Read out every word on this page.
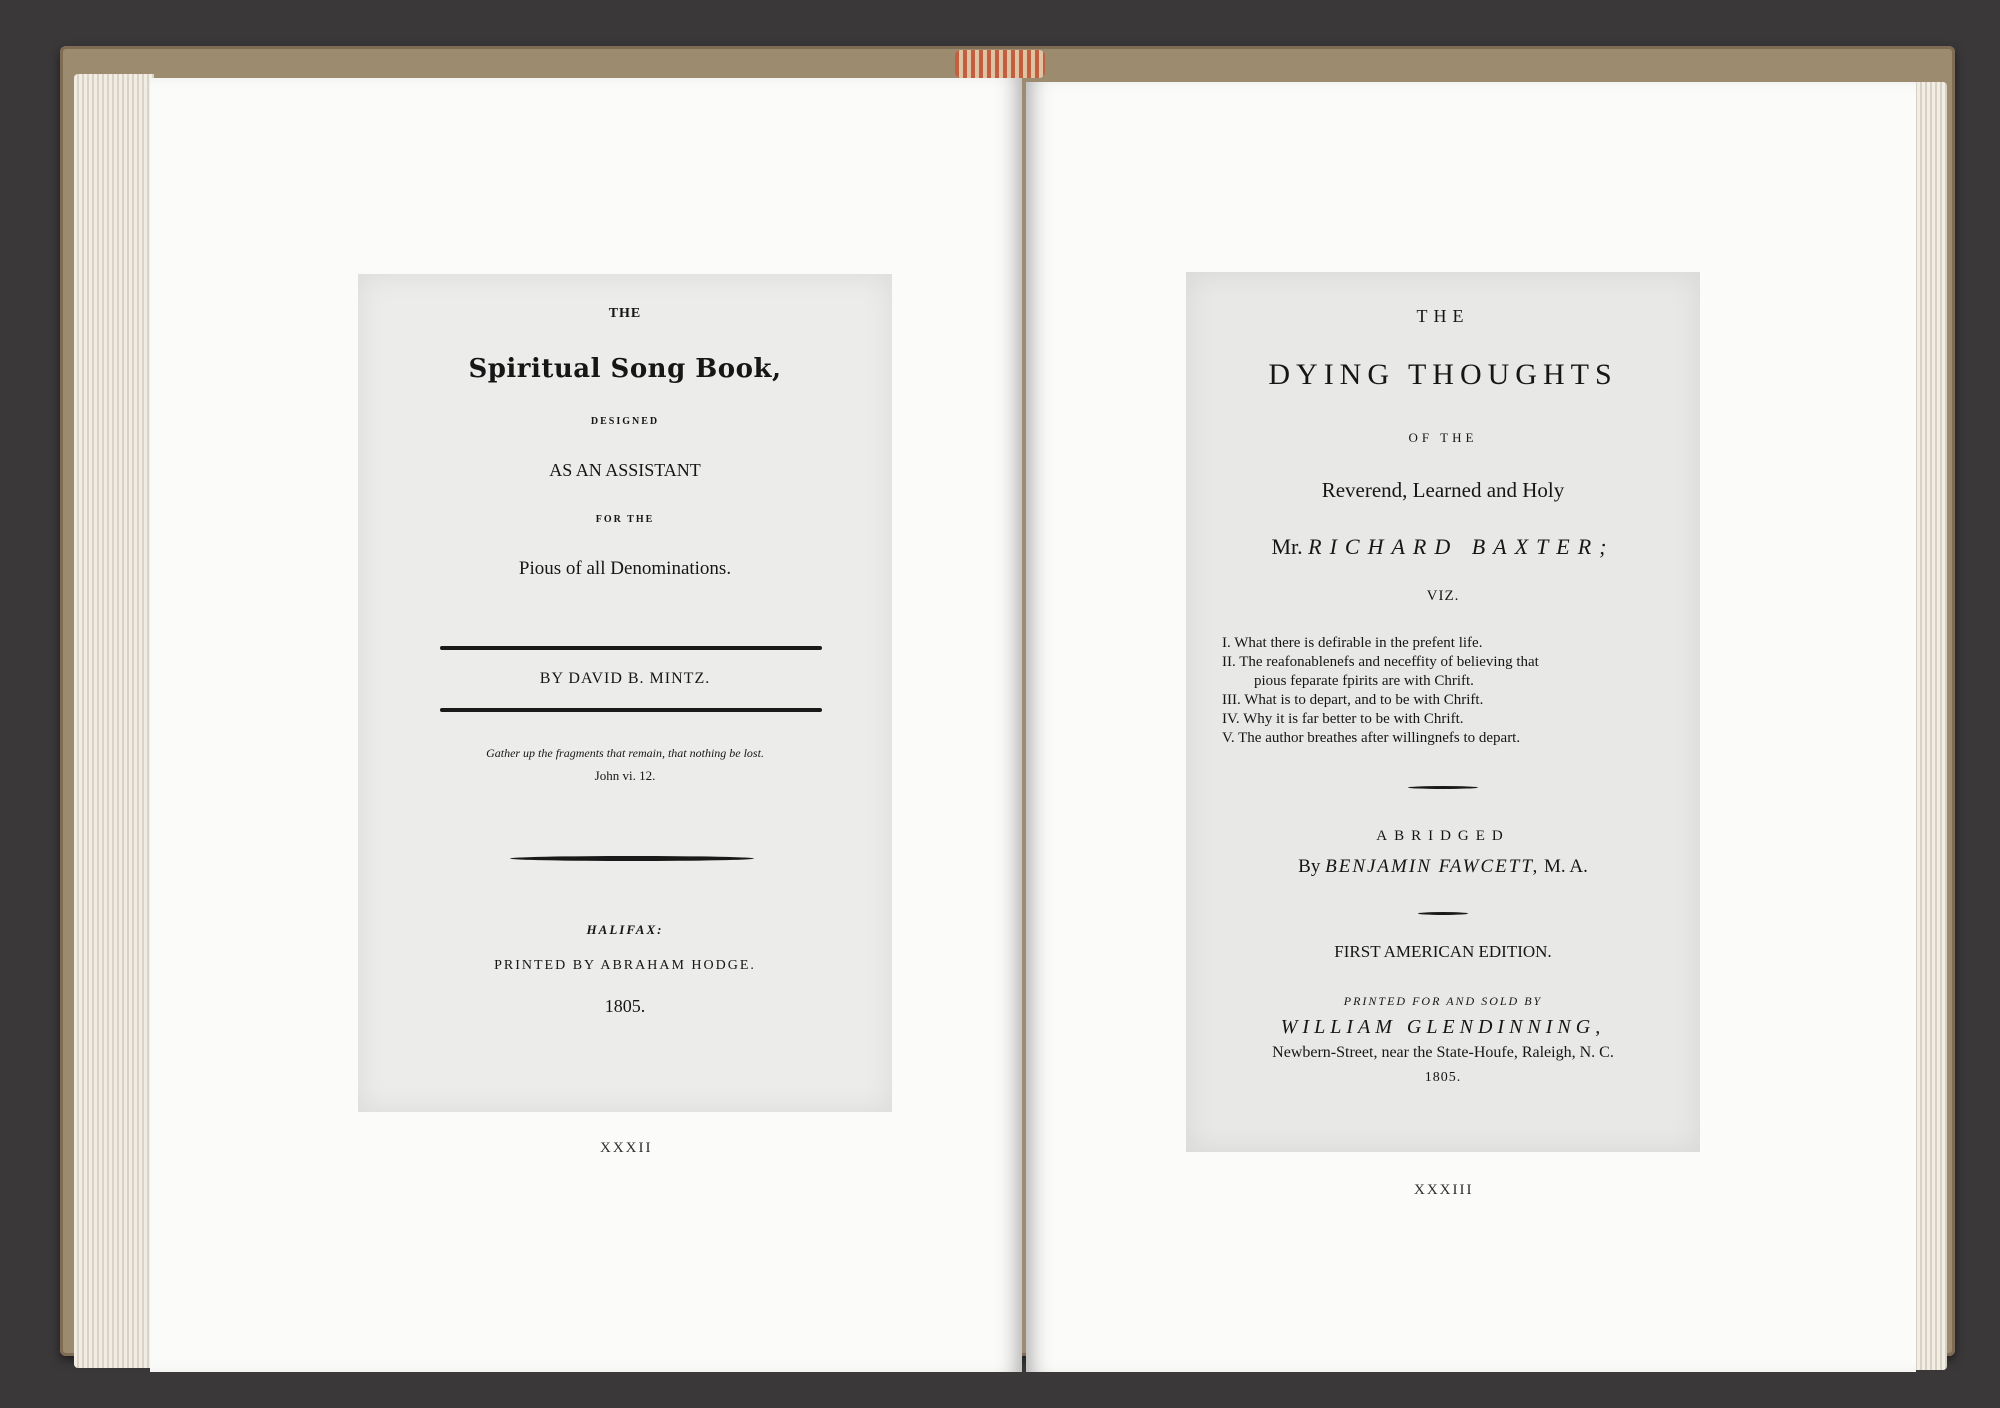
THE
Spiritual Song Book,
DESIGNED
AS AN ASSISTANT
FOR THE
Pious of all Denominations.
BY DAVID B. MINTZ.
Gather up the fragments that remain, that nothing be lost.
John vi. 12.
HALIFAX:
PRINTED BY ABRAHAM HODGE.
1805.
XXXII
THE
DYING THOUGHTS
OF THE
Reverend, Learned and Holy
Mr. RICHARD BAXTER;
VIZ.
I. What there is defirable in the prefent life.
II. The reafonablenefs and neceffity of believing that
pious feparate fpirits are with Chrift.
III. What is to depart, and to be with Chrift.
IV. Why it is far better to be with Chrift.
V. The author breathes after willingnefs to depart.
ABRIDGED
By BENJAMIN FAWCETT, M. A.
FIRST AMERICAN EDITION.
PRINTED FOR AND SOLD BY
WILLIAM GLENDINNING,
Newbern-Street, near the State-Houfe, Raleigh, N. C.
1805.
XXXIII
